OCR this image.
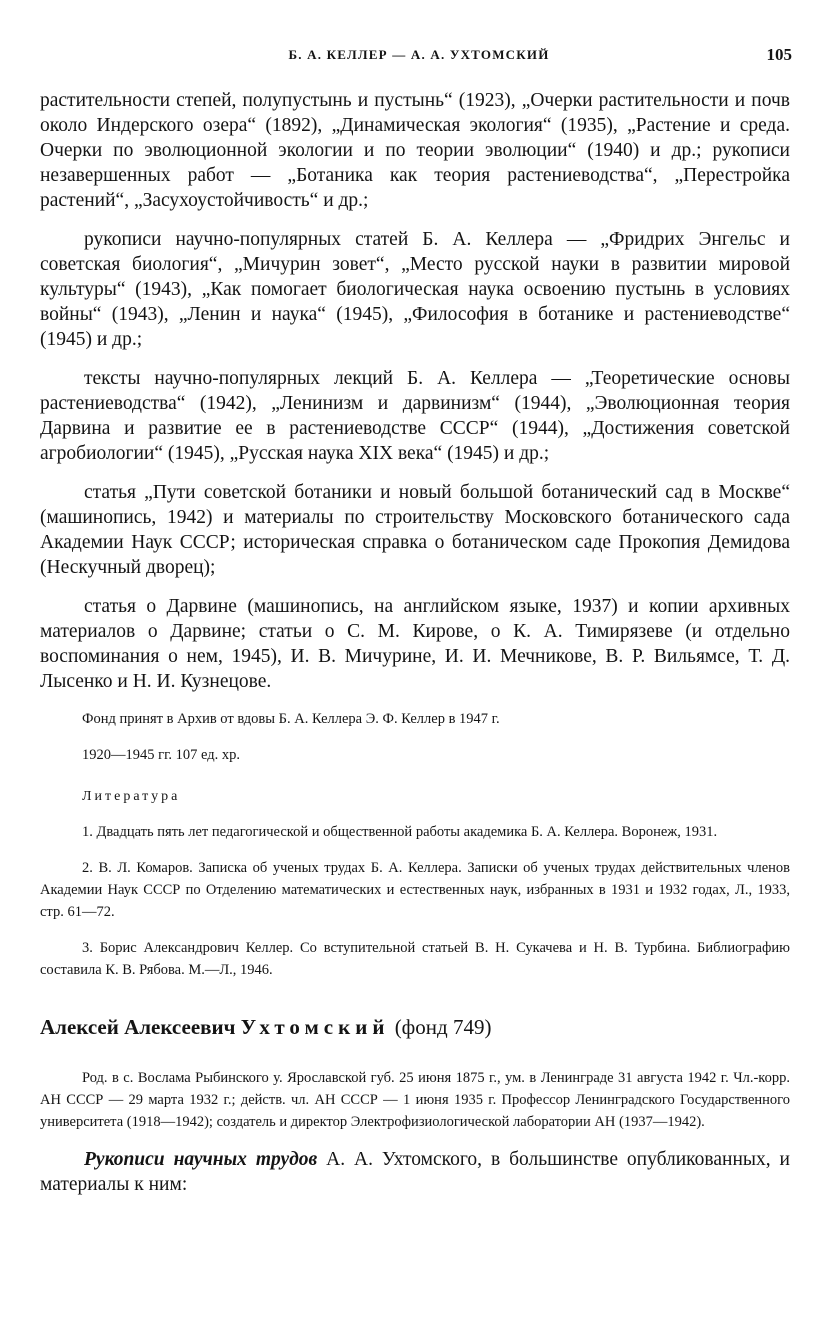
Б. А. КЕЛЛЕР — А. А. УХТОМСКИЙ	105

растительности степей, полупустынь и пустынь“ (1923), „Очерки растительности и почв около Индерского озера“ (1892), „Динамическая экология“ (1935), „Растение и среда. Очерки по эволюционной экологии и по теории эволюции“ (1940) и др.; рукописи незавершенных работ — „Ботаника как теория растениеводства“, „Перестройка растений“, „Засухоустойчивость“ и др.;

рукописи научно-популярных статей Б. А. Келлера — „Фридрих Энгельс и советская биология“, „Мичурин зовет“, „Место русской науки в развитии мировой культуры“ (1943), „Как помогает биологическая наука освоению пустынь в условиях войны“ (1943), „Ленин и наука“ (1945), „Философия в ботанике и растениеводстве“ (1945) и др.;

тексты научно-популярных лекций Б. А. Келлера — „Теоретические основы растениеводства“ (1942), „Ленинизм и дарвинизм“ (1944), „Эволюционная теория Дарвина и развитие ее в растениеводстве СССР“ (1944), „Достижения советской агробиологии“ (1945), „Русская наука XIX века“ (1945) и др.;

статья „Пути советской ботаники и новый большой ботанический сад в Москве“ (машинопись, 1942) и материалы по строительству Московского ботанического сада Академии Наук СССР; историческая справка о ботаническом саде Прокопия Демидова (Нескучный дворец);

статья о Дарвине (машинопись, на английском языке, 1937) и копии архивных материалов о Дарвине; статьи о С. М. Кирове, о К. А. Тимирязеве (и отдельно воспоминания о нем, 1945), И. В. Мичурине, И. И. Мечникове, В. Р. Вильямсе, Т. Д. Лысенко и Н. И. Кузнецове.

Фонд принят в Архив от вдовы Б. А. Келлера Э. Ф. Келлер в 1947 г.

1920—1945 гг. 107 ед. хр.

Литература

1. Двадцать пять лет педагогической и общественной работы академика Б. А. Келлера. Воронеж, 1931.

2. В. Л. Комаров. Записка об ученых трудах Б. А. Келлера. Записки об ученых трудах действительных членов Академии Наук СССР по Отделению математических и естественных наук, избранных в 1931 и 1932 годах, Л., 1933, стр. 61—72.

3. Борис Александрович Келлер. Со вступительной статьей В. Н. Сукачева и Н. В. Турбина. Библиографию составила К. В. Рябова. М.—Л., 1946.

Алексей Алексеевич Ухтомский (фонд 749)

Род. в с. Вослама Рыбинского у. Ярославской губ. 25 июня 1875 г., ум. в Ленинграде 31 августа 1942 г. Чл.-корр. АН СССР — 29 марта 1932 г.; действ. чл. АН СССР — 1 июня 1935 г. Профессор Ленинградского Государственного университета (1918—1942); создатель и директор Электрофизиологической лаборатории АН (1937—1942).

Рукописи научных трудов А. А. Ухтомского, в большинстве опубликованных, и материалы к ним:
